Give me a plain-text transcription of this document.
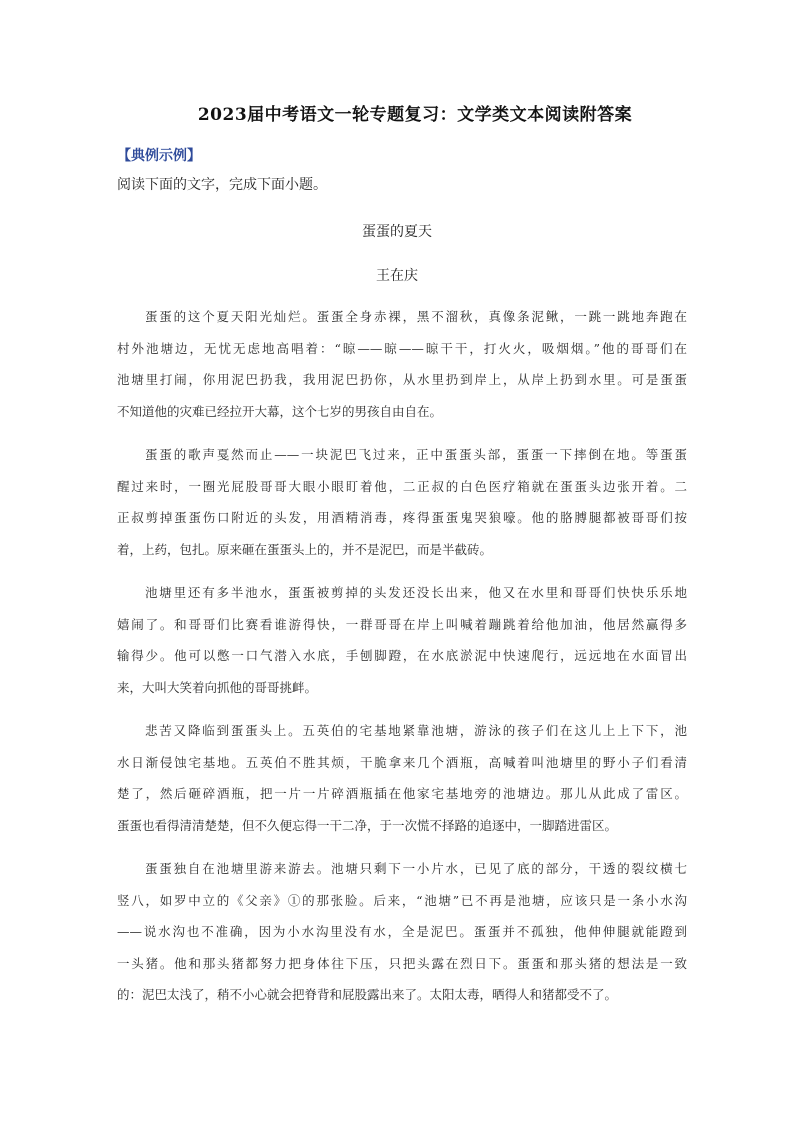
2023届中考语文一轮专题复习：文学类文本阅读附答案
【典例示例】
阅读下面的文字，完成下面小题。
蛋蛋的夏天
王在庆
蛋蛋的这个夏天阳光灿烂。蛋蛋全身赤裸，黑不溜秋，真像条泥鳅，一跳一跳地奔跑在
村外池塘边，无忧无虑地高唱着：“晾——晾——晾干干，打火火，吸烟烟。”他的哥哥们在
池塘里打闹，你用泥巴扔我，我用泥巴扔你，从水里扔到岸上，从岸上扔到水里。可是蛋蛋
不知道他的灾难已经拉开大幕，这个七岁的男孩自由自在。
蛋蛋的歌声戛然而止——一块泥巴飞过来，正中蛋蛋头部，蛋蛋一下摔倒在地。等蛋蛋
醒过来时，一圈光屁股哥哥大眼小眼盯着他，二正叔的白色医疗箱就在蛋蛋头边张开着。二
正叔剪掉蛋蛋伤口附近的头发，用酒精消毒，疼得蛋蛋鬼哭狼嚎。他的胳膊腿都被哥哥们按
着，上药，包扎。原来砸在蛋蛋头上的，并不是泥巴，而是半截砖。
池塘里还有多半池水，蛋蛋被剪掉的头发还没长出来，他又在水里和哥哥们快快乐乐地
嬉闹了。和哥哥们比赛看谁游得快，一群哥哥在岸上叫喊着蹦跳着给他加油，他居然赢得多
输得少。他可以憋一口气潜入水底，手刨脚蹬，在水底淤泥中快速爬行，远远地在水面冒出
来，大叫大笑着向抓他的哥哥挑衅。
悲苦又降临到蛋蛋头上。五英伯的宅基地紧靠池塘，游泳的孩子们在这儿上上下下，池
水日渐侵蚀宅基地。五英伯不胜其烦，干脆拿来几个酒瓶，高喊着叫池塘里的野小子们看清
楚了，然后砸碎酒瓶，把一片一片碎酒瓶插在他家宅基地旁的池塘边。那儿从此成了雷区。
蛋蛋也看得清清楚楚，但不久便忘得一干二净，于一次慌不择路的追逐中，一脚踏进雷区。
蛋蛋独自在池塘里游来游去。池塘只剩下一小片水，已见了底的部分，干透的裂纹横七
竖八，如罗中立的《父亲》①的那张脸。后来，“池塘”已不再是池塘，应该只是一条小水沟
——说水沟也不准确，因为小水沟里没有水，全是泥巴。蛋蛋并不孤独，他伸伸腿就能蹬到
一头猪。他和那头猪都努力把身体往下压，只把头露在烈日下。蛋蛋和那头猪的想法是一致
的：泥巴太浅了，稍不小心就会把脊背和屁股露出来了。太阳太毒，晒得人和猪都受不了。
